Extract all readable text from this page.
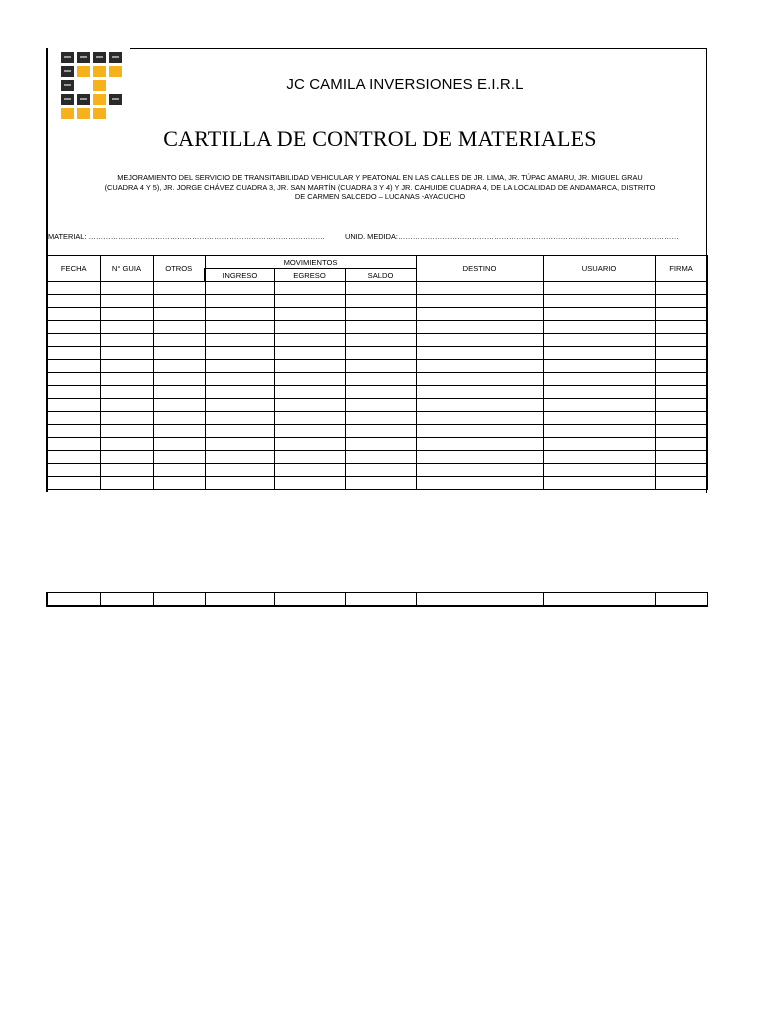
JC CAMILA INVERSIONES E.I.R.L
CARTILLA DE CONTROL DE MATERIALES
MEJORAMIENTO DEL SERVICIO DE TRANSITABILIDAD VEHICULAR Y PEATONAL EN LAS CALLES DE JR. LIMA, JR. TÚPAC AMARU, JR. MIGUEL GRAU (CUADRA 4 Y 5), JR. JORGE CHÁVEZ CUADRA 3, JR. SAN MARTÍN (CUADRA 3 Y 4) Y JR. CAHUIDE CUADRA 4, DE LA LOCALIDAD DE ANDAMARCA, DISTRITO DE CARMEN SALCEDO – LUCANAS -AYACUCHO
MATERIAL: ……………………………………………………………………………………	UNID. MEDIDA:……………………………………………………………………………………………………
FECHA	N° GUIA	OTROS	MOVIMIENTOS			DESTINO	USUARIO	FIRMA
			INGRESO	EGRESO	SALDO			
